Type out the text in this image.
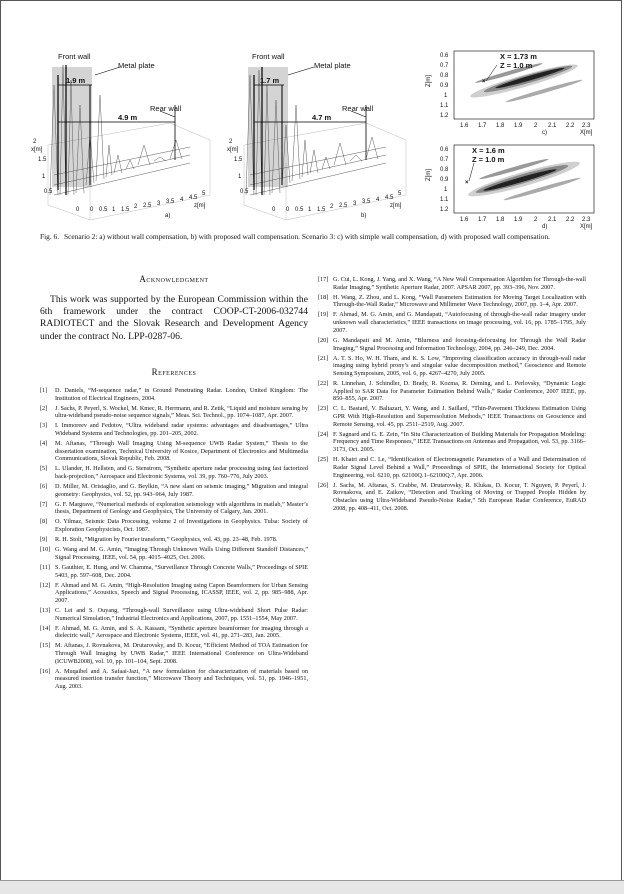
Front wall
Metal plate
Rear wall
1.9 m
4.9 m
0 0.5 1 1.5 2 2.5 3 3.5 4 4.5
5
z[m]
2
1.5
1
0.5
0
x[m]
a)
Front wall
Metal plate
Rear wall
1.7 m
4.7 m
0 0.5 1 1.5 2 2.5 3 3.5 4 4.5
5
z[m]
2
1.5
1
0.5
0
x[m]
b)
×
X = 1.73 m
Z = 1.0 m
0.6
0.7
0.8
0.9
1
1.1
1.2
Z[m]
1.6 1.7 1.8 1.9 2 2.1 2.2 2.3
X[m]
c)
×
X = 1.6 m
Z = 1.0 m
0.6
0.7
0.8
0.9
1
1.1
1.2
Z[m]
1.6 1.7 1.8 1.9 2 2.1 2.2 2.3
X[m]
d)
Fig. 6. Scenario 2: a) without wall compensation, b) with proposed wall compensation. Scenario 3: c) with simple wall compensation, d) with proposed wall compensation.
Acknowledgment

This work was supported by the European Commission within the 6th framework under the contract COOP-CT-2006-032744 RADIOTECT and the Slovak Research and Development Agency under the contract No. LPP-0287-06.

References
[1]	D. Daniels, “M-sequence radar,” in Ground Penetrating Radar. London, United Kingdom: The Institution of Electrical Engineers, 2004.
[2]	J. Sachs, P. Peyerl, S. Wockel, M. Kmec, R. Herrmann, and R. Zetik, “Liquid and moisture sensing by ultra-wideband pseudo-noise sequence signals,” Meas. Sci. Technol., pp. 1074–1087, Apr. 2007.
[3]	I. Immoreev and Fedotov, “Ultra wideband radar systems: advantages and disadvantages,” Ultra Wideband Systems and Technologies, pp. 201–205, 2002.
[4]	M. Aftanas, “Through Wall Imaging Using M-sequence UWB Radar System,” Thesis to the dissertation examination, Technical University of Kosice, Department of Electronics and Multimedia Communications, Slovak Republic, Feb. 2008.
[5]	L. Ulander, H. Hellsten, and G. Stenstrom, “Synthetic aperture radar processing using fast factorized back-projection,” Aerospace and Electronic Systems, vol. 39, pp. 760–776, July 2003.
[6]	D. Miller, M. Oristaglio, and G. Beylkin, “A new slant on seismic imaging,” Migration and integral geometry: Geophysics, vol. 52, pp. 943–964, July 1987.
[7]	G. F. Margrave, “Numerical methods of exploration seismology with algorithms in matlab,” Master’s thesis, Department of Geology and Geophysics, The University of Calgary, Jan. 2001.
[8]	O. Yilmaz, Seismic Data Processing, volume 2 of Investigations in Geophysics. Tulsa: Society of Exploration Geophysicists, Oct. 1987.
[9]	R. H. Stolt, “Migration by Fourier transform,” Geophysics, vol. 43, pp. 23–48, Feb. 1978.
[10] G. Wang and M. G. Amin, “Imaging Through Unknown Walls Using Different Standoff Distances,” Signal Processing, IEEE, vol. 54, pp. 4015–4025, Oct. 2006.
[11] S. Gauthier, E. Hung, and W. Chamma, “Surveillance Through Concrete Walls,” Proceedings of SPIE 5403, pp. 597–608, Dec. 2004.
[12] F. Ahmad and M. G. Amin, “High-Resolution Imaging using Capon Beamformers for Urban Sensing Applications,” Acoustics, Speech and Signal Processing, ICASSP, IEEE, vol. 2, pp. 985–988, Apr. 2007.
[13] C. Lei and S. Ouyang, “Through-wall Surveillance using Ultra-wideband Short Pulse Radar: Numerical Simulation,” Industrial Electronics and Applications, 2007, pp. 1551–1554, May 2007.
[14] F. Ahmad, M. G. Amin, and S. A. Kassam, “Synthetic aperture beamformer for imaging through a dielectric wall,” Aerospace and Electronic Systems, IEEE, vol. 41, pp. 271–283, Jan. 2005.
[15] M. Aftanas, J. Rovnakova, M. Drutarovsky, and D. Kocur, “Efficient Method of TOA Estimation for Through Wall Imaging by UWB Radar,” IEEE International Conference on Ultra-Wideband (ICUWB2008), vol. 10, pp. 101–104, Sept. 2008.
[16] A. Muqaibel and A. Safaai-Jazi, “A new formulation for characterization of materials based on measured insertion transfer function,” Microwave Theory and Techniques, vol. 51, pp. 1946–1951, Aug. 2003.
[17] G. Cui, L. Kong, J. Yang, and X. Wang, “A New Wall Compensation Algorithm for Through-the-wall Radar Imaging,” Synthetic Aperture Radar, 2007. APSAR 2007, pp. 393–396, Nov. 2007.
[18] H. Wang, Z. Zhou, and L. Kong, “Wall Parameters Estimation for Moving Target Localization with Through-the-Wall Radar,” Microwave and Millimeter Wave Technology, 2007, pp. 1–4, Apr. 2007.
[19] F. Ahmad, M. G. Amin, and G. Mandapati, “Autofocusing of through-the-wall radar imagery under unknown wall characteristics,” IEEE transactions on image processing, vol. 16, pp. 1785–1795, July 2007.
[20] G. Mandapati and M. Amin, “Blurness and focusing-defocusing for Through the Wall Radar Imaging,” Signal Processing and Information Technology, 2004, pp. 246–249, Dec. 2004.
[21] A. T. S. Ho, W. H. Tham, and K. S. Low, “Improving classification accuracy in through-wall radar imaging using hybrid prony’s and singular value decomposition method,” Geoscience and Remote Sensing Symposium, 2005, vol. 6, pp. 4267–4270, July 2005.
[22] R. Linnehan, J. Schindler, D. Brady, R. Kozma, R. Deming, and L. Perlovsky, “Dynamic Logic Applied to SAR Data for Parameter Estimation Behind Walls,” Radar Conference, 2007 IEEE, pp. 850–855, Apr. 2007.
[23] C. L. Bastard, V. Baltazart, Y. Wang, and J. Saillard, “Thin-Pavement Thickness Estimation Using GPR With High-Resolution and Superresolution Methods,” IEEE Transactions on Geoscience and Remote Sensing, vol. 45, pp. 2511–2519, Aug. 2007.
[24] F. Sagnard and G. E. Zein, “In Situ Characterization of Building Materials for Propagation Modeling: Frequency and Time Responses,” IEEE Transactions on Antennas and Propagation, vol. 53, pp. 3166–3173, Oct. 2005.
[25] H. Khatri and C. Le, “Identification of Electromagnetic Parameters of a Wall and Determination of Radar Signal Level Behind a Wall,” Proceedings of SPIE, the International Society for Optical Engineering, vol. 6210, pp. 62100Q.1–62100Q.7, Apr. 2006.
[26] J. Sachs, M. Aftanas, S. Crabbe, M. Drutarovsky, R. Klukas, D. Kocur, T. Nguyen, P. Peyerl, J. Rovnakova, and E. Zaikov, “Detection and Tracking of Moving or Trapped People Hidden by Obstacles using Ultra-Wideband Pseudo-Noise Radar,” 5th European Radar Conference, EuRAD 2008, pp. 408–411, Oct. 2008.
